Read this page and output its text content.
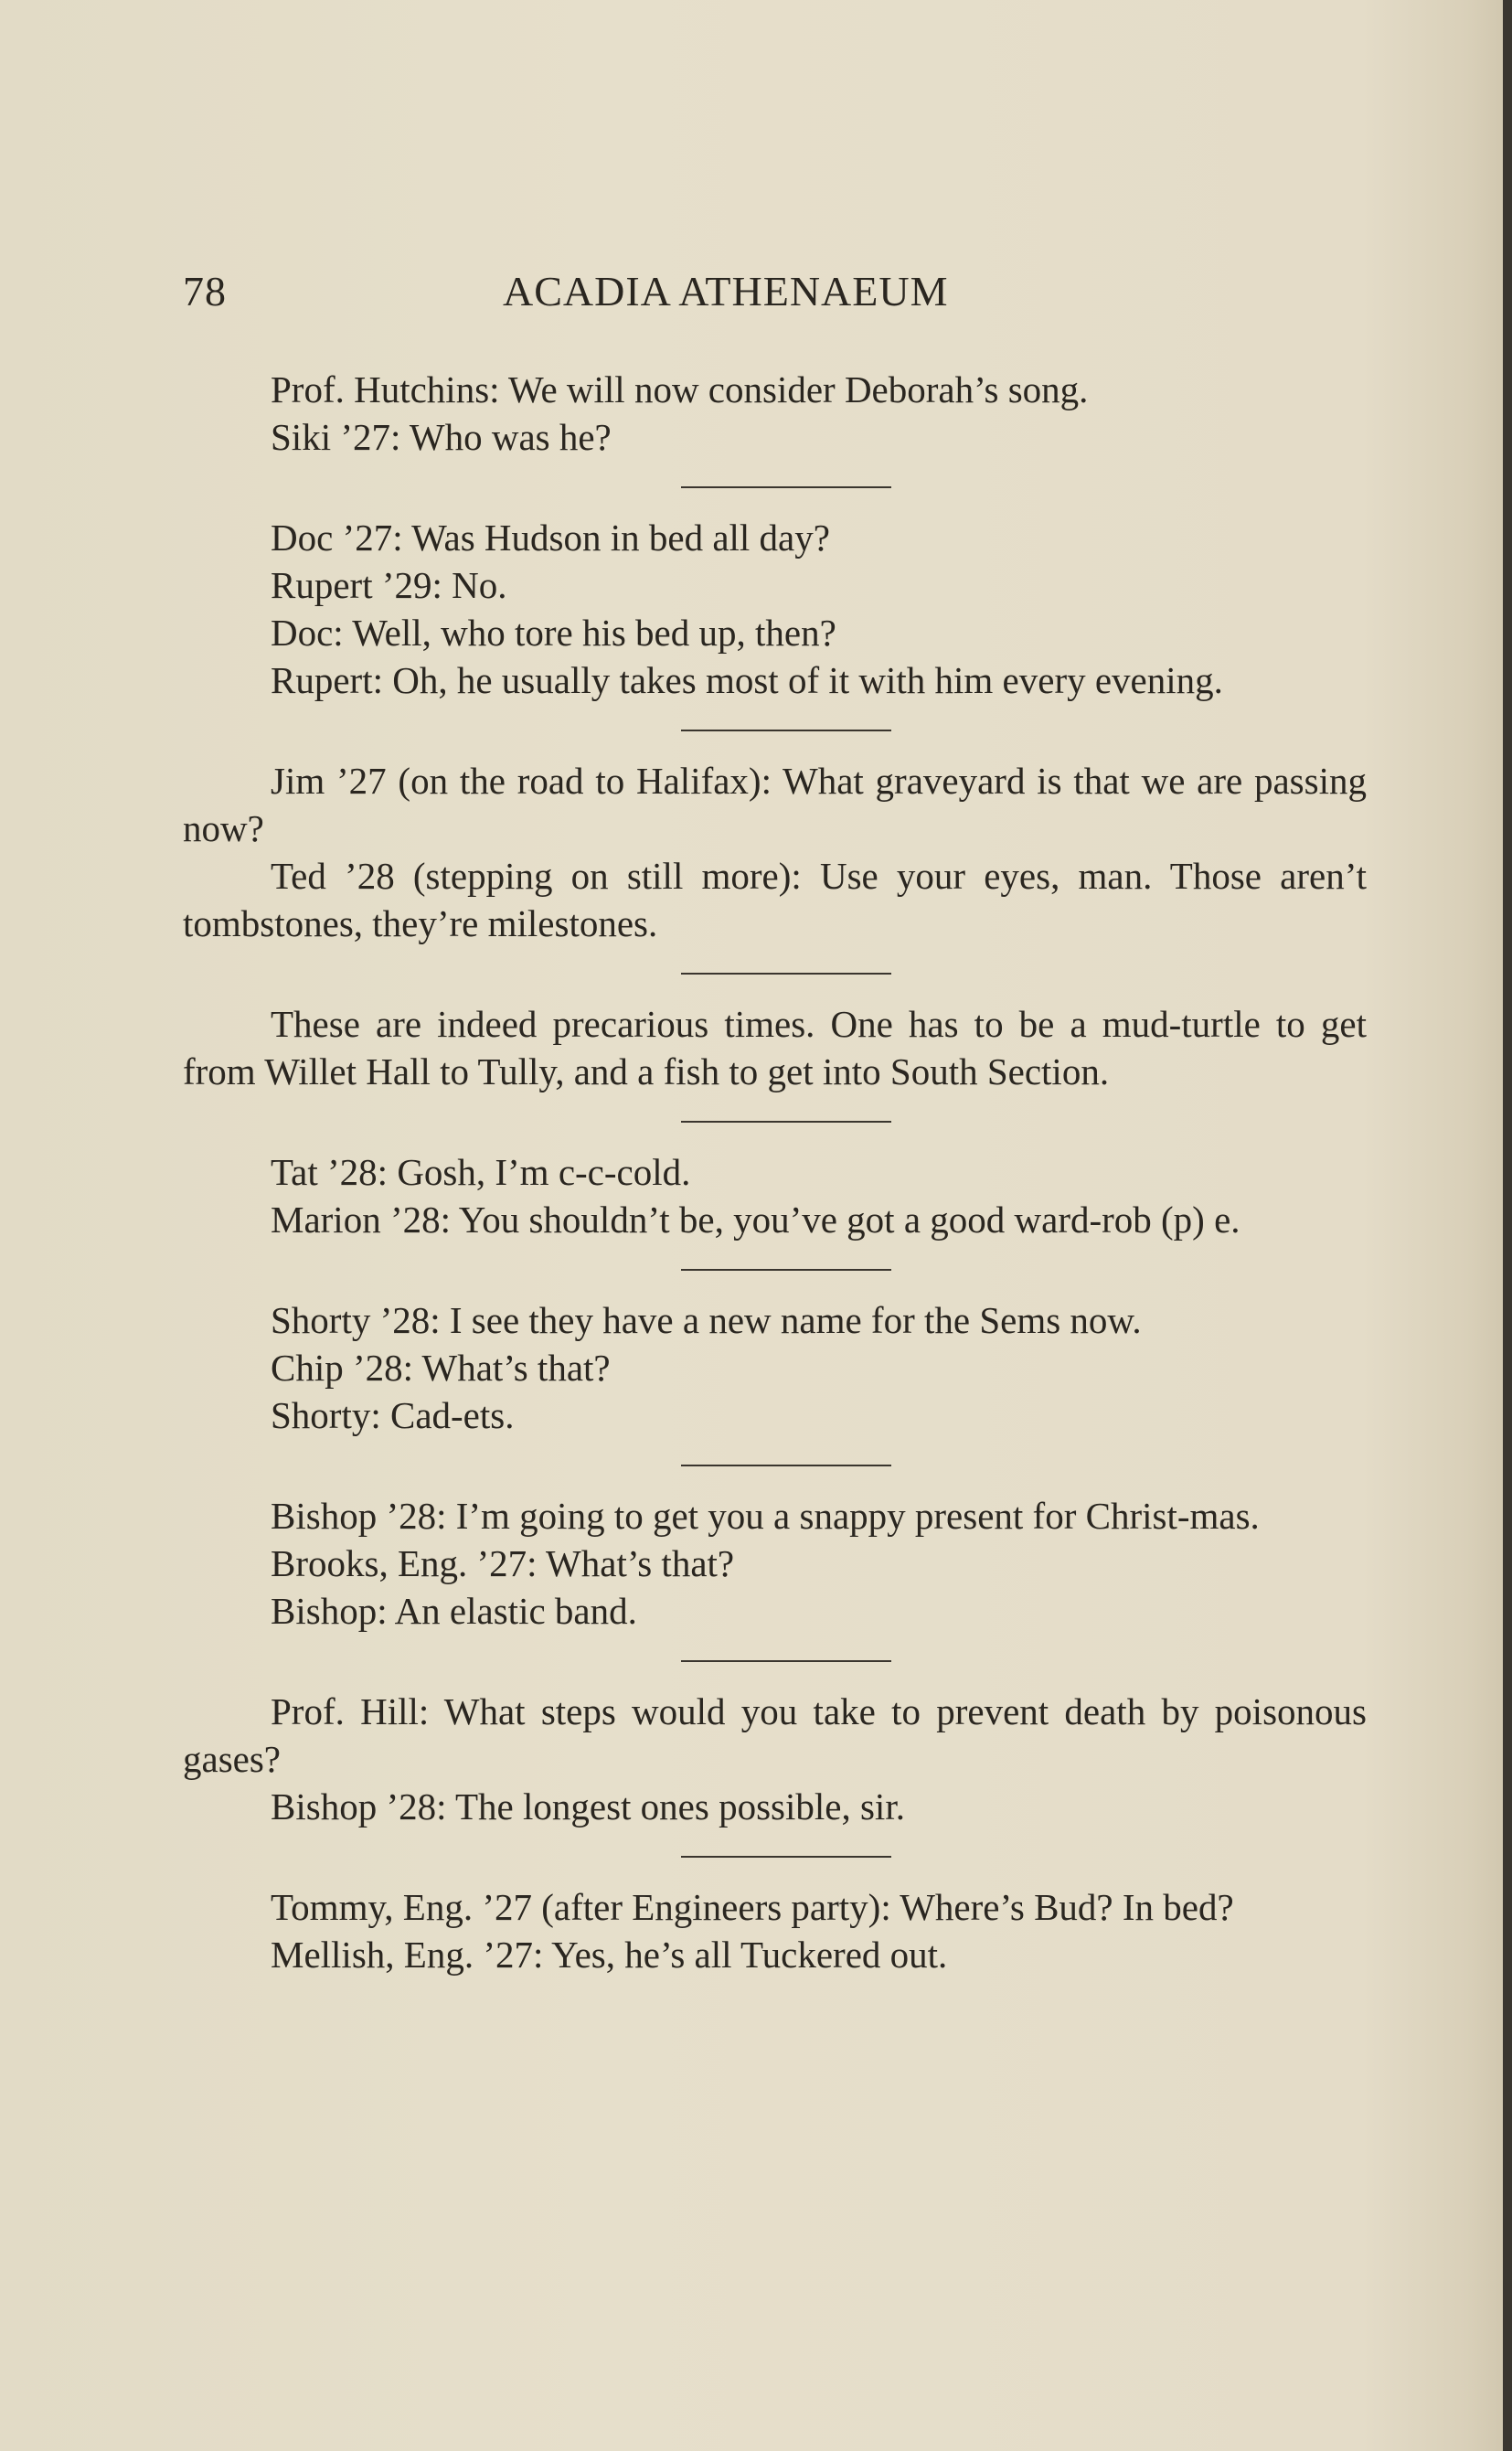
78	ACADIA ATHENAEUM

Prof. Hutchins: We will now consider Deborah’s song.

Siki ’27: Who was he?

Doc ’27: Was Hudson in bed all day?

Rupert ’29: No.

Doc: Well, who tore his bed up, then?

Rupert: Oh, he usually takes most of it with him every evening.

Jim ’27 (on the road to Halifax): What graveyard is that we are passing now?

Ted ’28 (stepping on still more): Use your eyes, man. Those aren’t tombstones, they’re milestones.

These are indeed precarious times. One has to be a mud-turtle to get from Willet Hall to Tully, and a fish to get into South Section.

Tat ’28: Gosh, I’m c-c-cold.

Marion ’28: You shouldn’t be, you’ve got a good ward-rob (p) e.

Shorty ’28: I see they have a new name for the Sems now.

Chip ’28: What’s that?

Shorty: Cad-ets.

Bishop ’28: I’m going to get you a snappy present for Christ-mas.

Brooks, Eng. ’27: What’s that?

Bishop: An elastic band.

Prof. Hill: What steps would you take to prevent death by poisonous gases?

Bishop ’28: The longest ones possible, sir.

Tommy, Eng. ’27 (after Engineers party): Where’s Bud? In bed?

Mellish, Eng. ’27: Yes, he’s all Tuckered out.
